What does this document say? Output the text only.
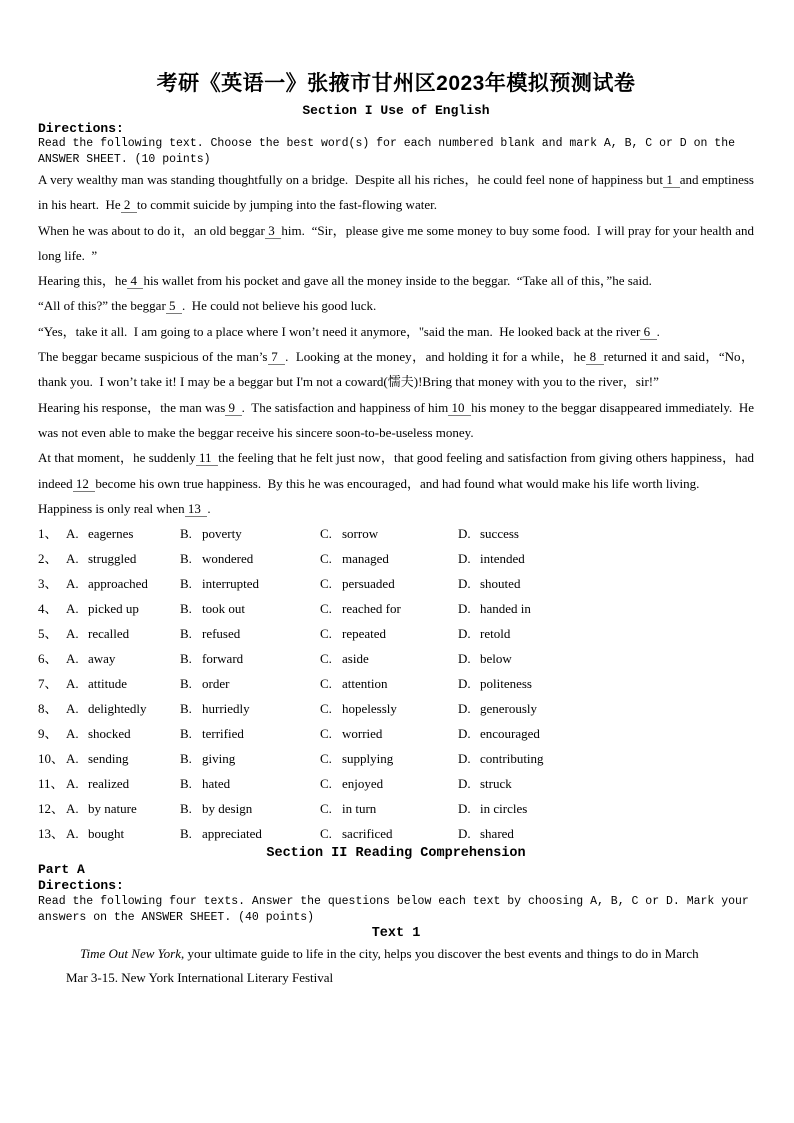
考研《英语一》张掖市甘州区2023年模拟预测试卷
Section I Use of English
Directions:
Read the following text. Choose the best word(s) for each numbered blank and mark A, B, C or D on the ANSWER SHEET. (10 points)

A very wealthy man was standing thoughtfully on a bridge.  Despite all his riches，he could feel none of happiness but 1  and emptiness in his heart.  He 2  to commit suicide by jumping into the fast-flowing water.

When he was about to do it，an old beggar 3  him.  “Sir，please give me some money to buy some food.  I will pray for your health and long life.  ”

Hearing this，he 4  his wallet from his pocket and gave all the money inside to the beggar.  “Take all of this，”he said.

“All of this?” the beggar 5  .  He could not believe his good luck.

“Yes，take it all.  I am going to a place where I won’t need it anymore，''said the man.  He looked back at the river 6  .

The beggar became suspicious of the man’s 7  .  Looking at the money，and holding it for a while，he 8  returned it and said，“No，thank you.  I won’t take it! I may be a beggar but I'm not a coward(懦夫)!Bring that money with you to the river，sir!”

Hearing his response，the man was 9  .  The satisfaction and happiness of him 10  his money to the beggar disappeared immediately.  He was not even able to make the beggar receive his sincere soon-to-be-useless money.

At that moment，he suddenly 11  the feeling that he felt just now，that good feeling and satisfaction from giving others happiness，had indeed 12  become his own true happiness.  By this he was encouraged，and had found what would make his life worth living.

Happiness is only real when 13  .

1、 A. eagernes	B. poverty	C. sorrow	D. success
2、 A. struggled	B. wondered	C. managed	D. intended
3、 A. approached	B. interrupted	C. persuaded	D. shouted
4、 A. picked up	B. took out	C. reached for	D. handed in
5、 A. recalled	B. refused	C. repeated	D. retold
6、 A. away	B. forward	C. aside	D. below
7、 A. attitude	B. order	C. attention	D. politeness
8、 A. delightedly	B. hurriedly	C. hopelessly	D. generously
9、 A. shocked	B. terrified	C. worried	D. encouraged
10、 A. sending	B. giving	C. supplying	D. contributing
11、 A. realized	B. hated	C. enjoyed	D. struck
12、 A. by nature	B. by design	C. in turn	D. in circles
13、 A. bought	B. appreciated	C. sacrificed	D. shared
Section II Reading Comprehension
Part A
Directions:
Read the following four texts. Answer the questions below each text by choosing A, B, C or D. Mark your answers on the ANSWER SHEET. (40 points)
Text 1

Time Out New York, your ultimate guide to life in the city, helps you discover the best events and things to do in March

Mar 3-15. New York International Literary Festival
